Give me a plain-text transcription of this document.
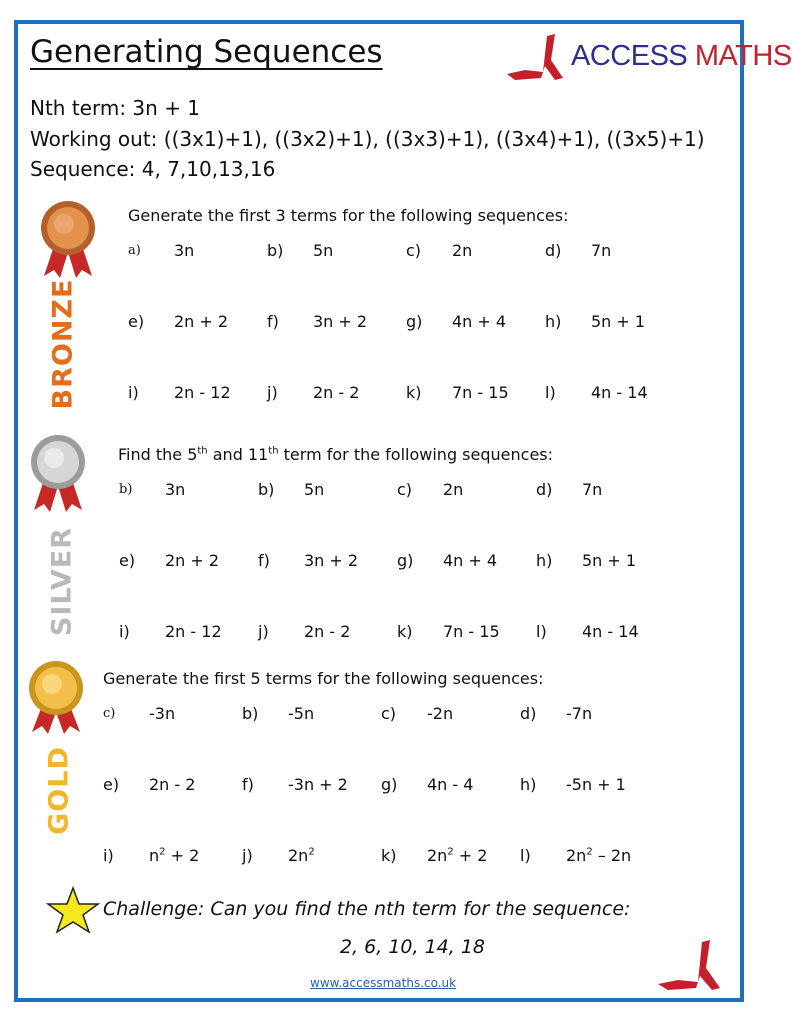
Generating Sequences	ACCESS MATHS
Nth term: 3n + 1
Working out: ((3x1)+1), ((3x2)+1), ((3x3)+1), ((3x4)+1), ((3x5)+1)
Sequence: 4, 7,10,13,16
BRONZE
SILVER
GOLD
Generate the first 3 terms for the following sequences:
a) 3n	b) 5n	c) 2n	d) 7n
e) 2n + 2 f) 3n + 2 g) 4n + 4 h) 5n + 1
i) 2n - 12 j) 2n - 2	k) 7n - 15 l) 4n - 14
Find the 5th and 11th term for the following sequences:
b) 3n	b) 5n	c) 2n	d) 7n
e) 2n + 2 f) 3n + 2 g) 4n + 4 h) 5n + 1
i) 2n - 12 j) 2n - 2	k) 7n - 15 l) 4n - 14
Generate the first 5 terms for the following sequences:
c) -3n	b) -5n	c) -2n	d) -7n
e) 2n - 2	f) -3n + 2 g) 4n - 4	h) -5n + 1
i) $n^2 + 2$	j) $2n^2$	k) $2n^2 + 2$ l) $2n^2 - 2n$
Challenge: Can you find the nth term for the sequence:
2, 6, 10, 14, 18
www.accessmaths.co.uk
